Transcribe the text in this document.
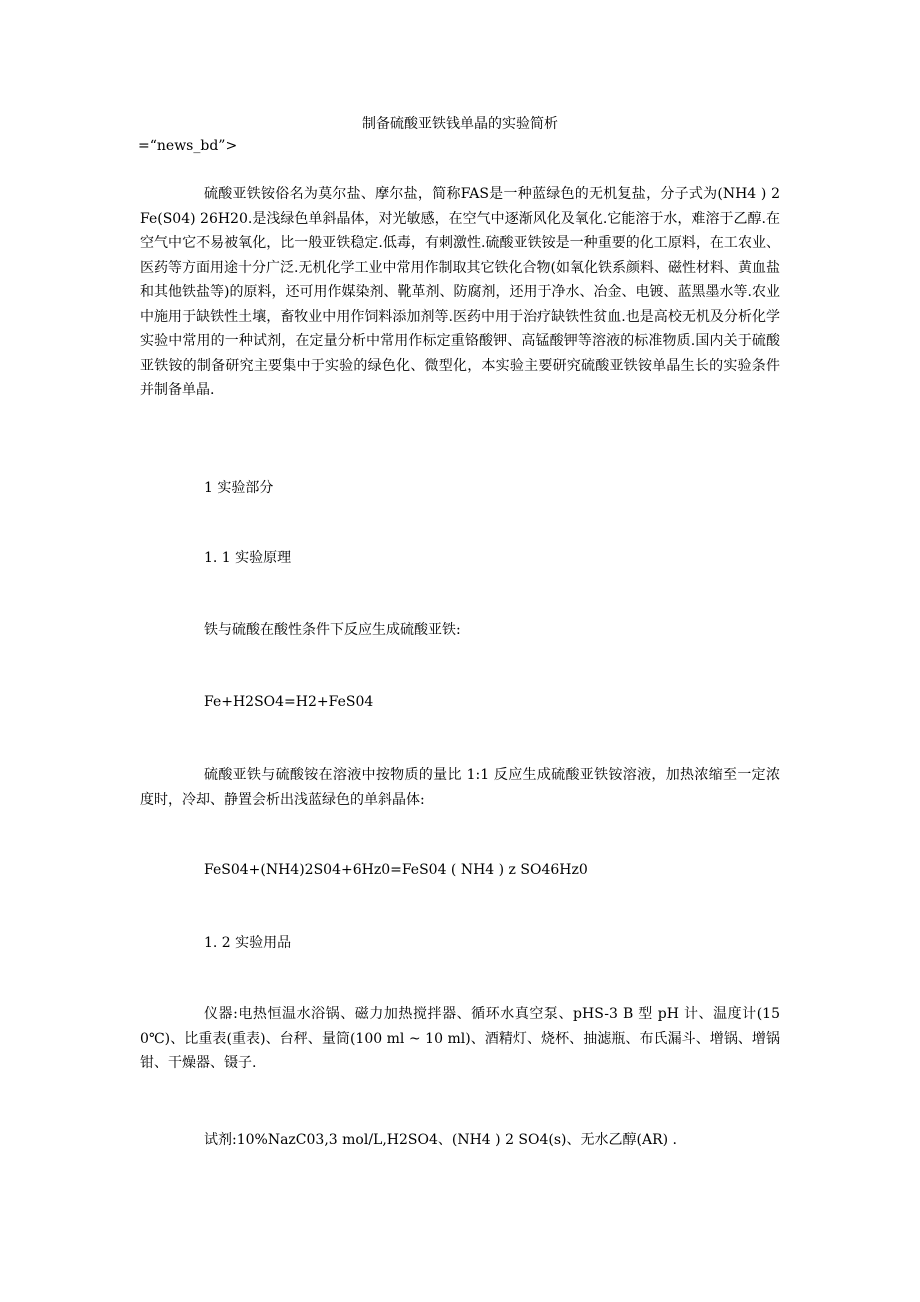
制备硫酸亚铁钱单晶的实验简析

=“news_bd”>

硫酸亚铁铵俗名为莫尔盐、摩尔盐，简称FAS是一种蓝绿色的无机复盐，分子式为(NH4 ) 2 Fe(S04) 26H20.是浅绿色单斜晶体，对光敏感，在空气中逐渐风化及氧化.它能溶于水，难溶于乙醇.在空气中它不易被氧化，比一般亚铁稳定.低毒，有刺激性.硫酸亚铁铵是一种重要的化工原料，在工农业、医药等方面用途十分广泛.无机化学工业中常用作制取其它铁化合物(如氧化铁系颜料、磁性材料、黄血盐和其他铁盐等)的原料，还可用作媒染剂、靴革剂、防腐剂，还用于净水、冶金、电镀、蓝黑墨水等.农业中施用于缺铁性土壤，畜牧业中用作饲料添加剂等.医药中用于治疗缺铁性贫血.也是高校无机及分析化学实验中常用的一种试剂，在定量分析中常用作标定重铬酸钾、高锰酸钾等溶液的标准物质.国内关于硫酸亚铁铵的制备研究主要集中于实验的绿色化、微型化，本实验主要研究硫酸亚铁铵单晶生长的实验条件并制备单晶.

1 实验部分

1. 1 实验原理

铁与硫酸在酸性条件下反应生成硫酸亚铁:

Fe+H2SO4=H2+FeS04

硫酸亚铁与硫酸铵在溶液中按物质的量比 1:1 反应生成硫酸亚铁铵溶液，加热浓缩至一定浓度时，冷却、静置会析出浅蓝绿色的单斜晶体:

FeS04+(NH4)2S04+6Hz0=FeS04 ( NH4 ) z SO46Hz0

1. 2 实验用品

仪器:电热恒温水浴锅、磁力加热搅拌器、循环水真空泵、pHS-3 B 型 pH 计、温度计(150℃)、比重表(重表)、台秤、量筒(100 ml ~ 10 ml)、酒精灯、烧杯、抽滤瓶、布氏漏斗、增锅、增锅钳、干燥器、镊子.

试剂:10%NazC03,3 mol/L,H2SO4、(NH4 ) 2 SO4(s)、无水乙醇(AR) .
